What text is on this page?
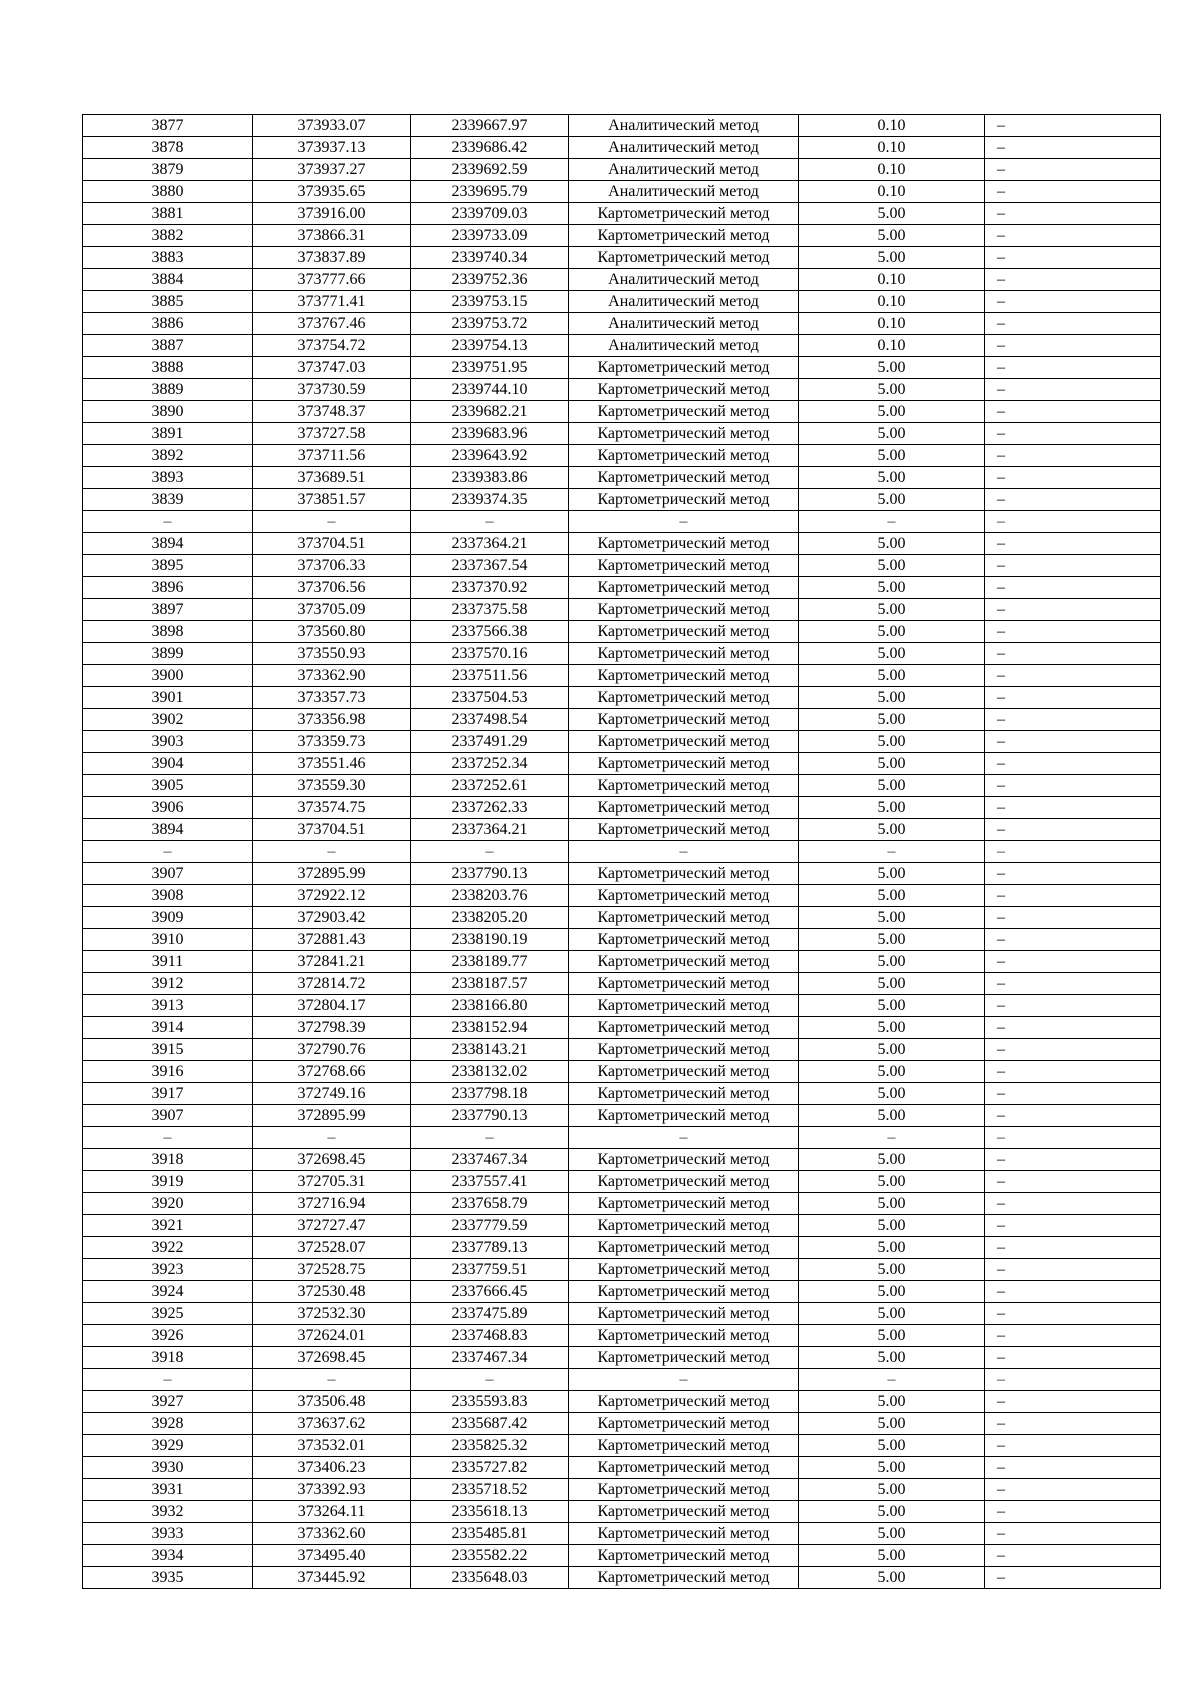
3877	373933.07	2339667.97	Аналитический метод	0.10	–
3878	373937.13	2339686.42	Аналитический метод	0.10	–
3879	373937.27	2339692.59	Аналитический метод	0.10	–
3880	373935.65	2339695.79	Аналитический метод	0.10	–
3881	373916.00	2339709.03	Картометрический метод	5.00	–
3882	373866.31	2339733.09	Картометрический метод	5.00	–
3883	373837.89	2339740.34	Картометрический метод	5.00	–
3884	373777.66	2339752.36	Аналитический метод	0.10	–
3885	373771.41	2339753.15	Аналитический метод	0.10	–
3886	373767.46	2339753.72	Аналитический метод	0.10	–
3887	373754.72	2339754.13	Аналитический метод	0.10	–
3888	373747.03	2339751.95	Картометрический метод	5.00	–
3889	373730.59	2339744.10	Картометрический метод	5.00	–
3890	373748.37	2339682.21	Картометрический метод	5.00	–
3891	373727.58	2339683.96	Картометрический метод	5.00	–
3892	373711.56	2339643.92	Картометрический метод	5.00	–
3893	373689.51	2339383.86	Картометрический метод	5.00	–
3839	373851.57	2339374.35	Картометрический метод	5.00	–
–	–	–	–	–	–
3894	373704.51	2337364.21	Картометрический метод	5.00	–
3895	373706.33	2337367.54	Картометрический метод	5.00	–
3896	373706.56	2337370.92	Картометрический метод	5.00	–
3897	373705.09	2337375.58	Картометрический метод	5.00	–
3898	373560.80	2337566.38	Картометрический метод	5.00	–
3899	373550.93	2337570.16	Картометрический метод	5.00	–
3900	373362.90	2337511.56	Картометрический метод	5.00	–
3901	373357.73	2337504.53	Картометрический метод	5.00	–
3902	373356.98	2337498.54	Картометрический метод	5.00	–
3903	373359.73	2337491.29	Картометрический метод	5.00	–
3904	373551.46	2337252.34	Картометрический метод	5.00	–
3905	373559.30	2337252.61	Картометрический метод	5.00	–
3906	373574.75	2337262.33	Картометрический метод	5.00	–
3894	373704.51	2337364.21	Картометрический метод	5.00	–
–	–	–	–	–	–
3907	372895.99	2337790.13	Картометрический метод	5.00	–
3908	372922.12	2338203.76	Картометрический метод	5.00	–
3909	372903.42	2338205.20	Картометрический метод	5.00	–
3910	372881.43	2338190.19	Картометрический метод	5.00	–
3911	372841.21	2338189.77	Картометрический метод	5.00	–
3912	372814.72	2338187.57	Картометрический метод	5.00	–
3913	372804.17	2338166.80	Картометрический метод	5.00	–
3914	372798.39	2338152.94	Картометрический метод	5.00	–
3915	372790.76	2338143.21	Картометрический метод	5.00	–
3916	372768.66	2338132.02	Картометрический метод	5.00	–
3917	372749.16	2337798.18	Картометрический метод	5.00	–
3907	372895.99	2337790.13	Картометрический метод	5.00	–
–	–	–	–	–	–
3918	372698.45	2337467.34	Картометрический метод	5.00	–
3919	372705.31	2337557.41	Картометрический метод	5.00	–
3920	372716.94	2337658.79	Картометрический метод	5.00	–
3921	372727.47	2337779.59	Картометрический метод	5.00	–
3922	372528.07	2337789.13	Картометрический метод	5.00	–
3923	372528.75	2337759.51	Картометрический метод	5.00	–
3924	372530.48	2337666.45	Картометрический метод	5.00	–
3925	372532.30	2337475.89	Картометрический метод	5.00	–
3926	372624.01	2337468.83	Картометрический метод	5.00	–
3918	372698.45	2337467.34	Картометрический метод	5.00	–
–	–	–	–	–	–
3927	373506.48	2335593.83	Картометрический метод	5.00	–
3928	373637.62	2335687.42	Картометрический метод	5.00	–
3929	373532.01	2335825.32	Картометрический метод	5.00	–
3930	373406.23	2335727.82	Картометрический метод	5.00	–
3931	373392.93	2335718.52	Картометрический метод	5.00	–
3932	373264.11	2335618.13	Картометрический метод	5.00	–
3933	373362.60	2335485.81	Картометрический метод	5.00	–
3934	373495.40	2335582.22	Картометрический метод	5.00	–
3935	373445.92	2335648.03	Картометрический метод	5.00	–
